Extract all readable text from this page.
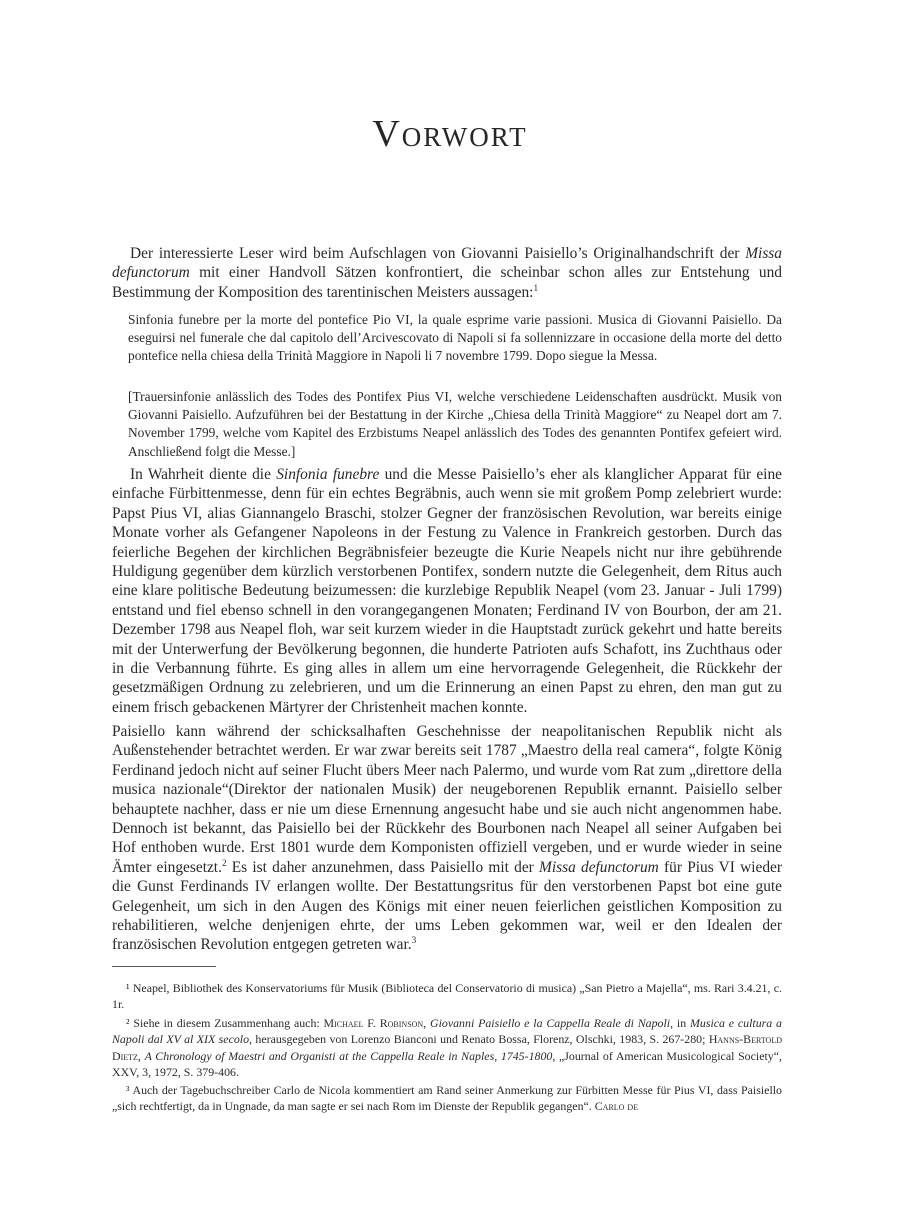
Vorwort

Der interessierte Leser wird beim Aufschlagen von Giovanni Paisiello’s Originalhandschrift der Missa defunctorum mit einer Handvoll Sätzen konfrontiert, die scheinbar schon alles zur Entstehung und Bestimmung der Komposition des tarentinischen Meisters aussagen:$^1$

Sinfonia funebre per la morte del pontefice Pio VI, la quale esprime varie passioni. Musica di Giovanni Paisiello. Da eseguirsi nel funerale che dal capitolo dell’Arcivescovato di Napoli si fa sollennizzare in occasione della morte del detto pontefice nella chiesa della Trinità Maggiore in Napoli li 7 novembre 1799. Dopo siegue la Messa.

[Trauersinfonie anlässlich des Todes des Pontifex Pius VI, welche verschiedene Leidenschaften ausdrückt. Musik von Giovanni Paisiello. Aufzuführen bei der Bestattung in der Kirche „Chiesa della Trinità Maggiore“ zu Neapel dort am 7. November 1799, welche vom Kapitel des Erzbistums Neapel anlässlich des Todes des genannten Pontifex gefeiert wird. Anschließend folgt die Messe.]

In Wahrheit diente die Sinfonia funebre und die Messe Paisiello’s eher als klanglicher Apparat für eine einfache Fürbittenmesse, denn für ein echtes Begräbnis, auch wenn sie mit großem Pomp zelebriert wurde: Papst Pius VI, alias Giannangelo Braschi, stolzer Gegner der französischen Revolution, war bereits einige Monate vorher als Gefangener Napoleons in der Festung zu Valence in Frankreich gestorben. Durch das feierliche Begehen der kirchlichen Begräbnisfeier bezeugte die Kurie Neapels nicht nur ihre gebührende Huldigung gegenüber dem kürzlich verstorbenen Pontifex, sondern nutzte die Gelegenheit, dem Ritus auch eine klare politische Bedeutung beizumessen: die kurzlebige Republik Neapel (vom 23. Januar - Juli 1799) entstand und fiel ebenso schnell in den vorangegangenen Monaten; Ferdinand IV von Bourbon, der am 21. Dezember 1798 aus Neapel floh, war seit kurzem wieder in die Hauptstadt zurück gekehrt und hatte bereits mit der Unterwerfung der Bevölkerung begonnen, die hunderte Patrioten aufs Schafott, ins Zuchthaus oder in die Verbannung führte. Es ging alles in allem um eine hervorragende Gelegenheit, die Rückkehr der gesetzmäßigen Ordnung zu zelebrieren, und um die Erinnerung an einen Papst zu ehren, den man gut zu einem frisch gebackenen Märtyrer der Christenheit machen konnte.

Paisiello kann während der schicksalhaften Geschehnisse der neapolitanischen Republik nicht als Außenstehender betrachtet werden. Er war zwar bereits seit 1787 „Maestro della real camera“, folgte König Ferdinand jedoch nicht auf seiner Flucht übers Meer nach Palermo, und wurde vom Rat zum „direttore della musica nazionale“(Direktor der nationalen Musik) der neugeborenen Republik ernannt. Paisiello selber behauptete nachher, dass er nie um diese Ernennung angesucht habe und sie auch nicht angenommen habe. Dennoch ist bekannt, das Paisiello bei der Rückkehr des Bourbonen nach Neapel all seiner Aufgaben bei Hof enthoben wurde. Erst 1801 wurde dem Komponisten offiziell vergeben, und er wurde wieder in seine Ämter eingesetzt.$^2$ Es ist daher anzunehmen, dass Paisiello mit der Missa defunctorum für Pius VI wieder die Gunst Ferdinands IV erlangen wollte. Der Bestattungsritus für den verstorbenen Papst bot eine gute Gelegenheit, um sich in den Augen des Königs mit einer neuen feierlichen geistlichen Komposition zu rehabilitieren, welche denjenigen ehrte, der ums Leben gekommen war, weil er den Idealen der französischen Revolution entgegen getreten war.$^3$

¹ Neapel, Bibliothek des Konservatoriums für Musik (Biblioteca del Conservatorio di musica) „San Pietro a Majella“, ms. Rari 3.4.21, c. 1r.

² Siehe in diesem Zusammenhang auch: Michael F. Robinson, Giovanni Paisiello e la Cappella Reale di Napoli, in Musica e cultura a Napoli dal XV al XIX secolo, herausgegeben von Lorenzo Bianconi und Renato Bossa, Florenz, Olschki, 1983, S. 267-280; Hanns-Bertold Dietz, A Chronology of Maestri and Organisti at the Cappella Reale in Naples, 1745-1800, „Journal of American Musicological Society“, XXV, 3, 1972, S. 379-406.

³ Auch der Tagebuchschreiber Carlo de Nicola kommentiert am Rand seiner Anmerkung zur Fürbitten Messe für Pius VI, dass Paisiello „sich rechtfertigt, da in Ungnade, da man sagte er sei nach Rom im Dienste der Republik gegangen“. Carlo de
